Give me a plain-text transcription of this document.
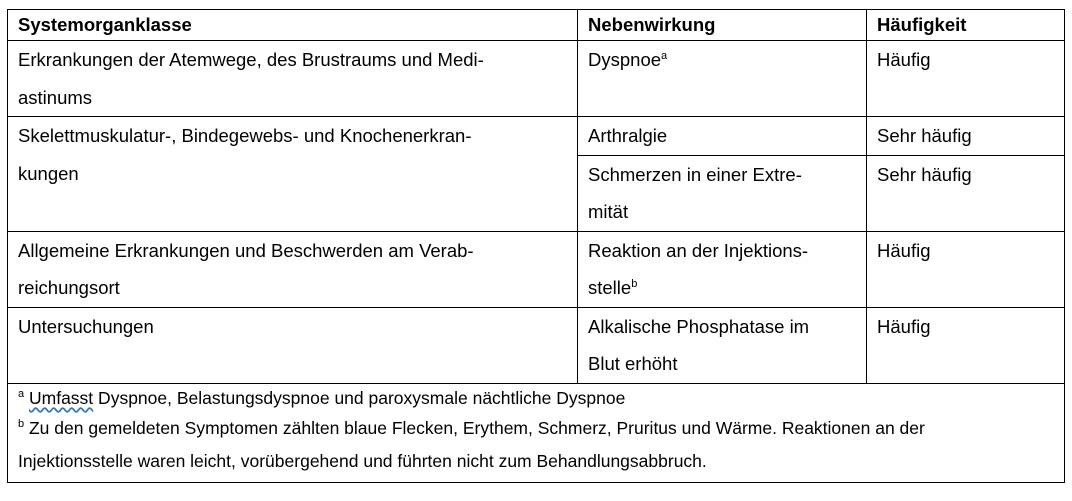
Systemorganklasse	Nebenwirkung	Häufigkeit

Erkrankungen der Atemwege, des Brustraums und Medi-
astinums	Dyspnoe$^a$	Häufig

Skelettmuskulatur-, Bindegewebs- und Knochenerkran-
kungen	Arthralgie	Sehr häufig

	Schmerzen in einer Extre-
mität	Sehr häufig

Allgemeine Erkrankungen und Beschwerden am Verab-
reichungsort	Reaktion an der Injektions-
stelle$^b$	Häufig

Untersuchungen	Alkalische Phosphatase im
Blut erhöht	Häufig

$^a$ Umfasst Dyspnoe, Belastungsdyspnoe und paroxysmale nächtliche Dyspnoe
$^b$ Zu den gemeldeten Symptomen zählten blaue Flecken, Erythem, Schmerz, Pruritus und Wärme. Reaktionen an der
Injektionsstelle waren leicht, vorübergehend und führten nicht zum Behandlungsabbruch.		
